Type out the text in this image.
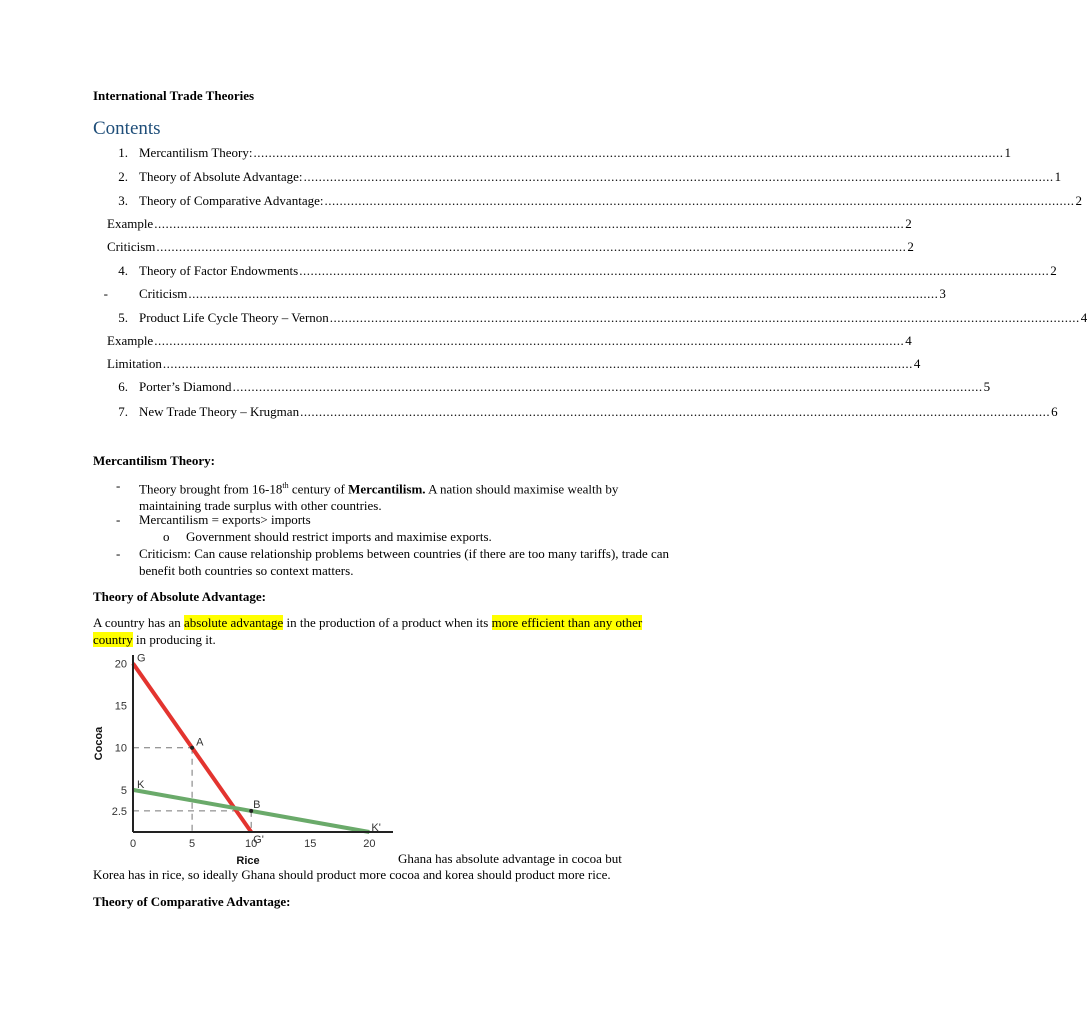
International Trade Theories
Contents
1. Mercantilism Theory: ........................................................................................................................................................................................................ 1
2. Theory of Absolute Advantage: ........................................................................................................................................................................................................ 1
3. Theory of Comparative Advantage: ........................................................................................................................................................................................................ 2
Example ........................................................................................................................................................................................................ 2
Criticism ........................................................................................................................................................................................................ 2
4. Theory of Factor Endowments ........................................................................................................................................................................................................ 2
- Criticism ........................................................................................................................................................................................................ 3
5. Product Life Cycle Theory – Vernon ........................................................................................................................................................................................................ 4
Example ........................................................................................................................................................................................................ 4
Limitation ........................................................................................................................................................................................................ 4
6. Porter’s Diamond ........................................................................................................................................................................................................ 5
7. New Trade Theory – Krugman ........................................................................................................................................................................................................ 6
Mercantilism Theory:
- Theory brought from 16-18th century of Mercantilism. A nation should maximise wealth by maintaining trade surplus with other countries.
- Mercantilism = exports> imports
o Government should restrict imports and maximise exports.
- Criticism: Can cause relationship problems between countries (if there are too many tariffs), trade can benefit both countries so context matters.
Theory of Absolute Advantage:
A country has an absolute advantage in the production of a product when its more efficient than any other country in producing it.
0	5	10	15	20
2.5
5
10
15
20
Rice
Cocoa
G
A
K
B
G'
K'
Ghana has absolute advantage in cocoa but
Korea has in rice, so ideally Ghana should product more cocoa and korea should product more rice.
Theory of Comparative Advantage:
